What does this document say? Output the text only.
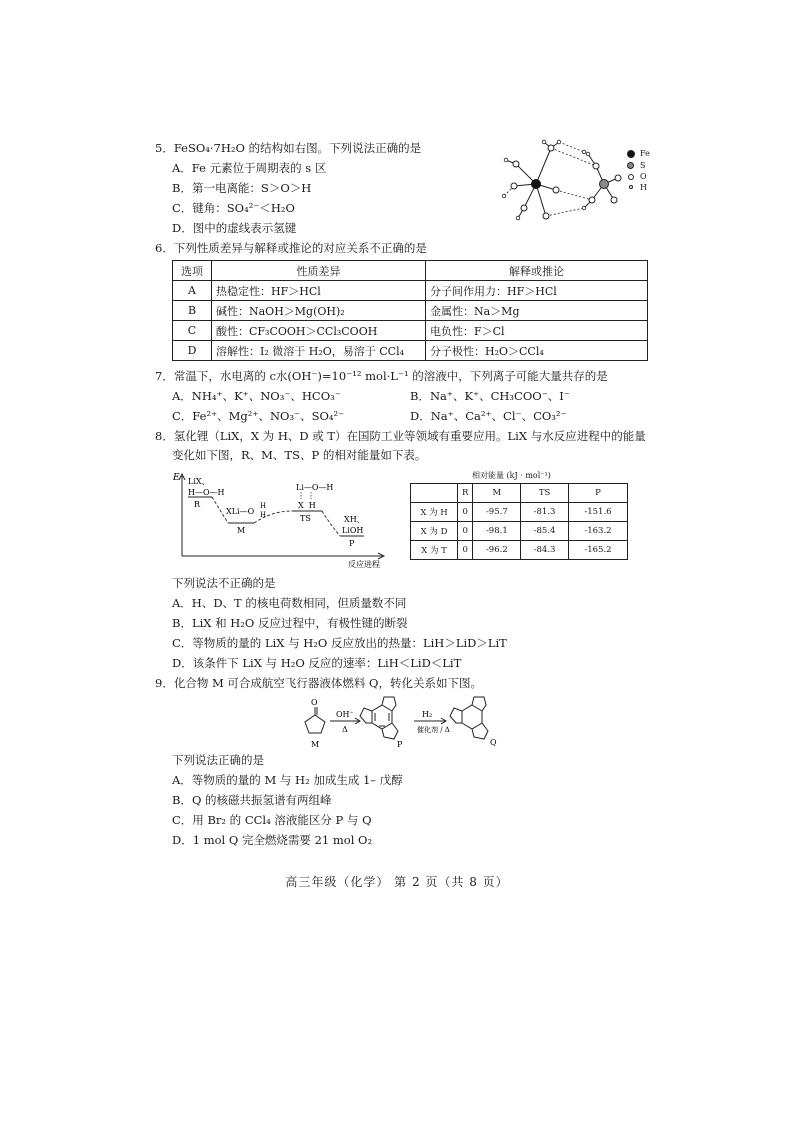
5．FeSO₄·7H₂O 的结构如右图。下列说法正确的是
A．Fe 元素位于周期表的 s 区
B．第一电离能：S＞O＞H
C．键角：SO₄²⁻＜H₂O
D．图中的虚线表示氢键
Fe
S
O
H
6．下列性质差异与解释或推论的对应关系不正确的是
选项	性质差异	解释或推论
A	热稳定性：HF＞HCl	分子间作用力：HF＞HCl
B	碱性：NaOH＞Mg(OH)₂	金属性：Na＞Mg
C	酸性：CF₃COOH＞CCl₃COOH	电负性：F＞Cl
D	溶解性：I₂ 微溶于 H₂O，易溶于 CCl₄	分子极性：H₂O＞CCl₄
7．常温下，水电离的 c水(OH⁻)=10⁻¹² mol·L⁻¹ 的溶液中，下列离子可能大量共存的是
A．NH₄⁺、K⁺、NO₃⁻、HCO₃⁻	B．Na⁺、K⁺、CH₃COO⁻、I⁻
C．Fe²⁺、Mg²⁺、NO₃⁻、SO₄²⁻	D．Na⁺、Ca²⁺、Cl⁻、CO₃²⁻
8．氢化锂（LiX，X 为 H、D 或 T）在国防工业等领域有重要应用。LiX 与水反应进程中的能量
变化如下图，R、M、TS、P 的相对能量如下表。
E
反应进程
LiX、
H—O—H
R
XLi—O
H
H
M
Li—O—H
X  H
TS	XH、
LiOH
P
相对能量 (kJ · mol⁻¹)
	R	M	TS	P
X 为 H	0	-95.7	-81.3	-151.6
X 为 D	0	-98.1	-85.4	-163.2
X 为 T	0	-96.2	-84.3	-165.2
下列说法不正确的是
A．H、D、T 的核电荷数相同，但质量数不同
B．LiX 和 H₂O 反应过程中，有极性键的断裂
C．等物质的量的 LiX 与 H₂O 反应放出的热量：LiH＞LiD＞LiT
D．该条件下 LiX 与 H₂O 反应的速率：LiH＜LiD＜LiT
9．化合物 M 可合成航空飞行器液体燃料 Q，转化关系如下图。
O
M
OH⁻
Δ
P
H₂
催化剂 / Δ
Q
下列说法正确的是
A．等物质的量的 M 与 H₂ 加成生成 1– 戊醇
B．Q 的核磁共振氢谱有两组峰
C．用 Br₂ 的 CCl₄ 溶液能区分 P 与 Q
D．1 mol Q 完全燃烧需要 21 mol O₂
高三年级（化学） 第 2 页（共 8 页）
